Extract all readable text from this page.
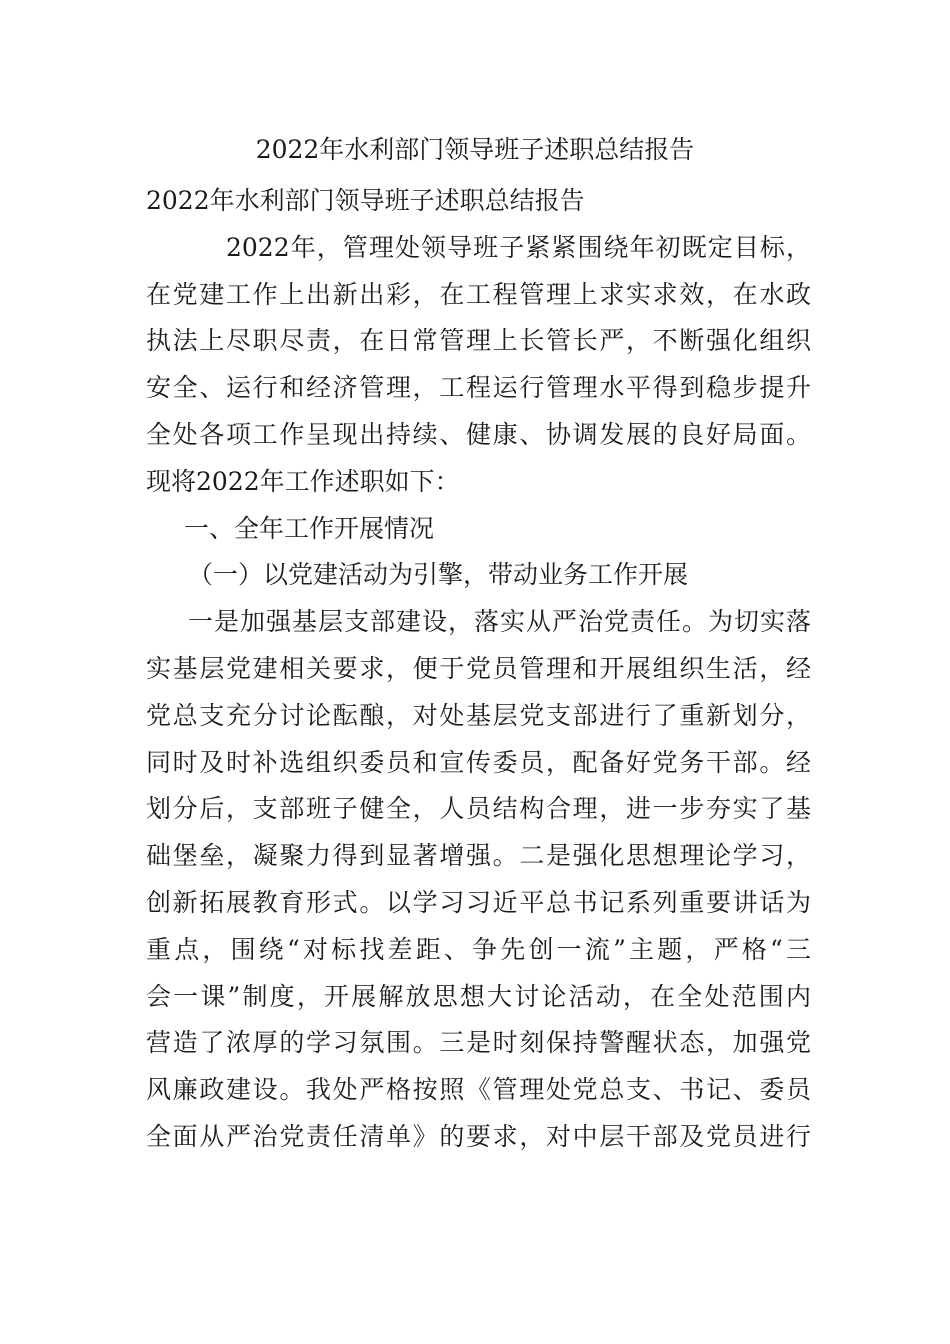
2022年水利部门领导班子述职总结报告
2022年水利部门领导班子述职总结报告
2022年，管理处领导班子紧紧围绕年初既定目标，
在党建工作上出新出彩，在工程管理上求实求效，在水政
执法上尽职尽责，在日常管理上长管长严，不断强化组织
安全、运行和经济管理，工程运行管理水平得到稳步提升
全处各项工作呈现出持续、健康、协调发展的良好局面。
现将2022年工作述职如下：
一、全年工作开展情况
（一）以党建活动为引擎，带动业务工作开展
一是加强基层支部建设，落实从严治党责任。为切实落
实基层党建相关要求，便于党员管理和开展组织生活，经
党总支充分讨论酝酿，对处基层党支部进行了重新划分，
同时及时补选组织委员和宣传委员，配备好党务干部。经
划分后，支部班子健全，人员结构合理，进一步夯实了基
础堡垒，凝聚力得到显著增强。二是强化思想理论学习，
创新拓展教育形式。以学习习近平总书记系列重要讲话为
重点，围绕“对标找差距、争先创一流”主题，严格“三
会一课”制度，开展解放思想大讨论活动，在全处范围内
营造了浓厚的学习氛围。三是时刻保持警醒状态，加强党
风廉政建设。我处严格按照《管理处党总支、书记、委员
全面从严治党责任清单》的要求，对中层干部及党员进行
